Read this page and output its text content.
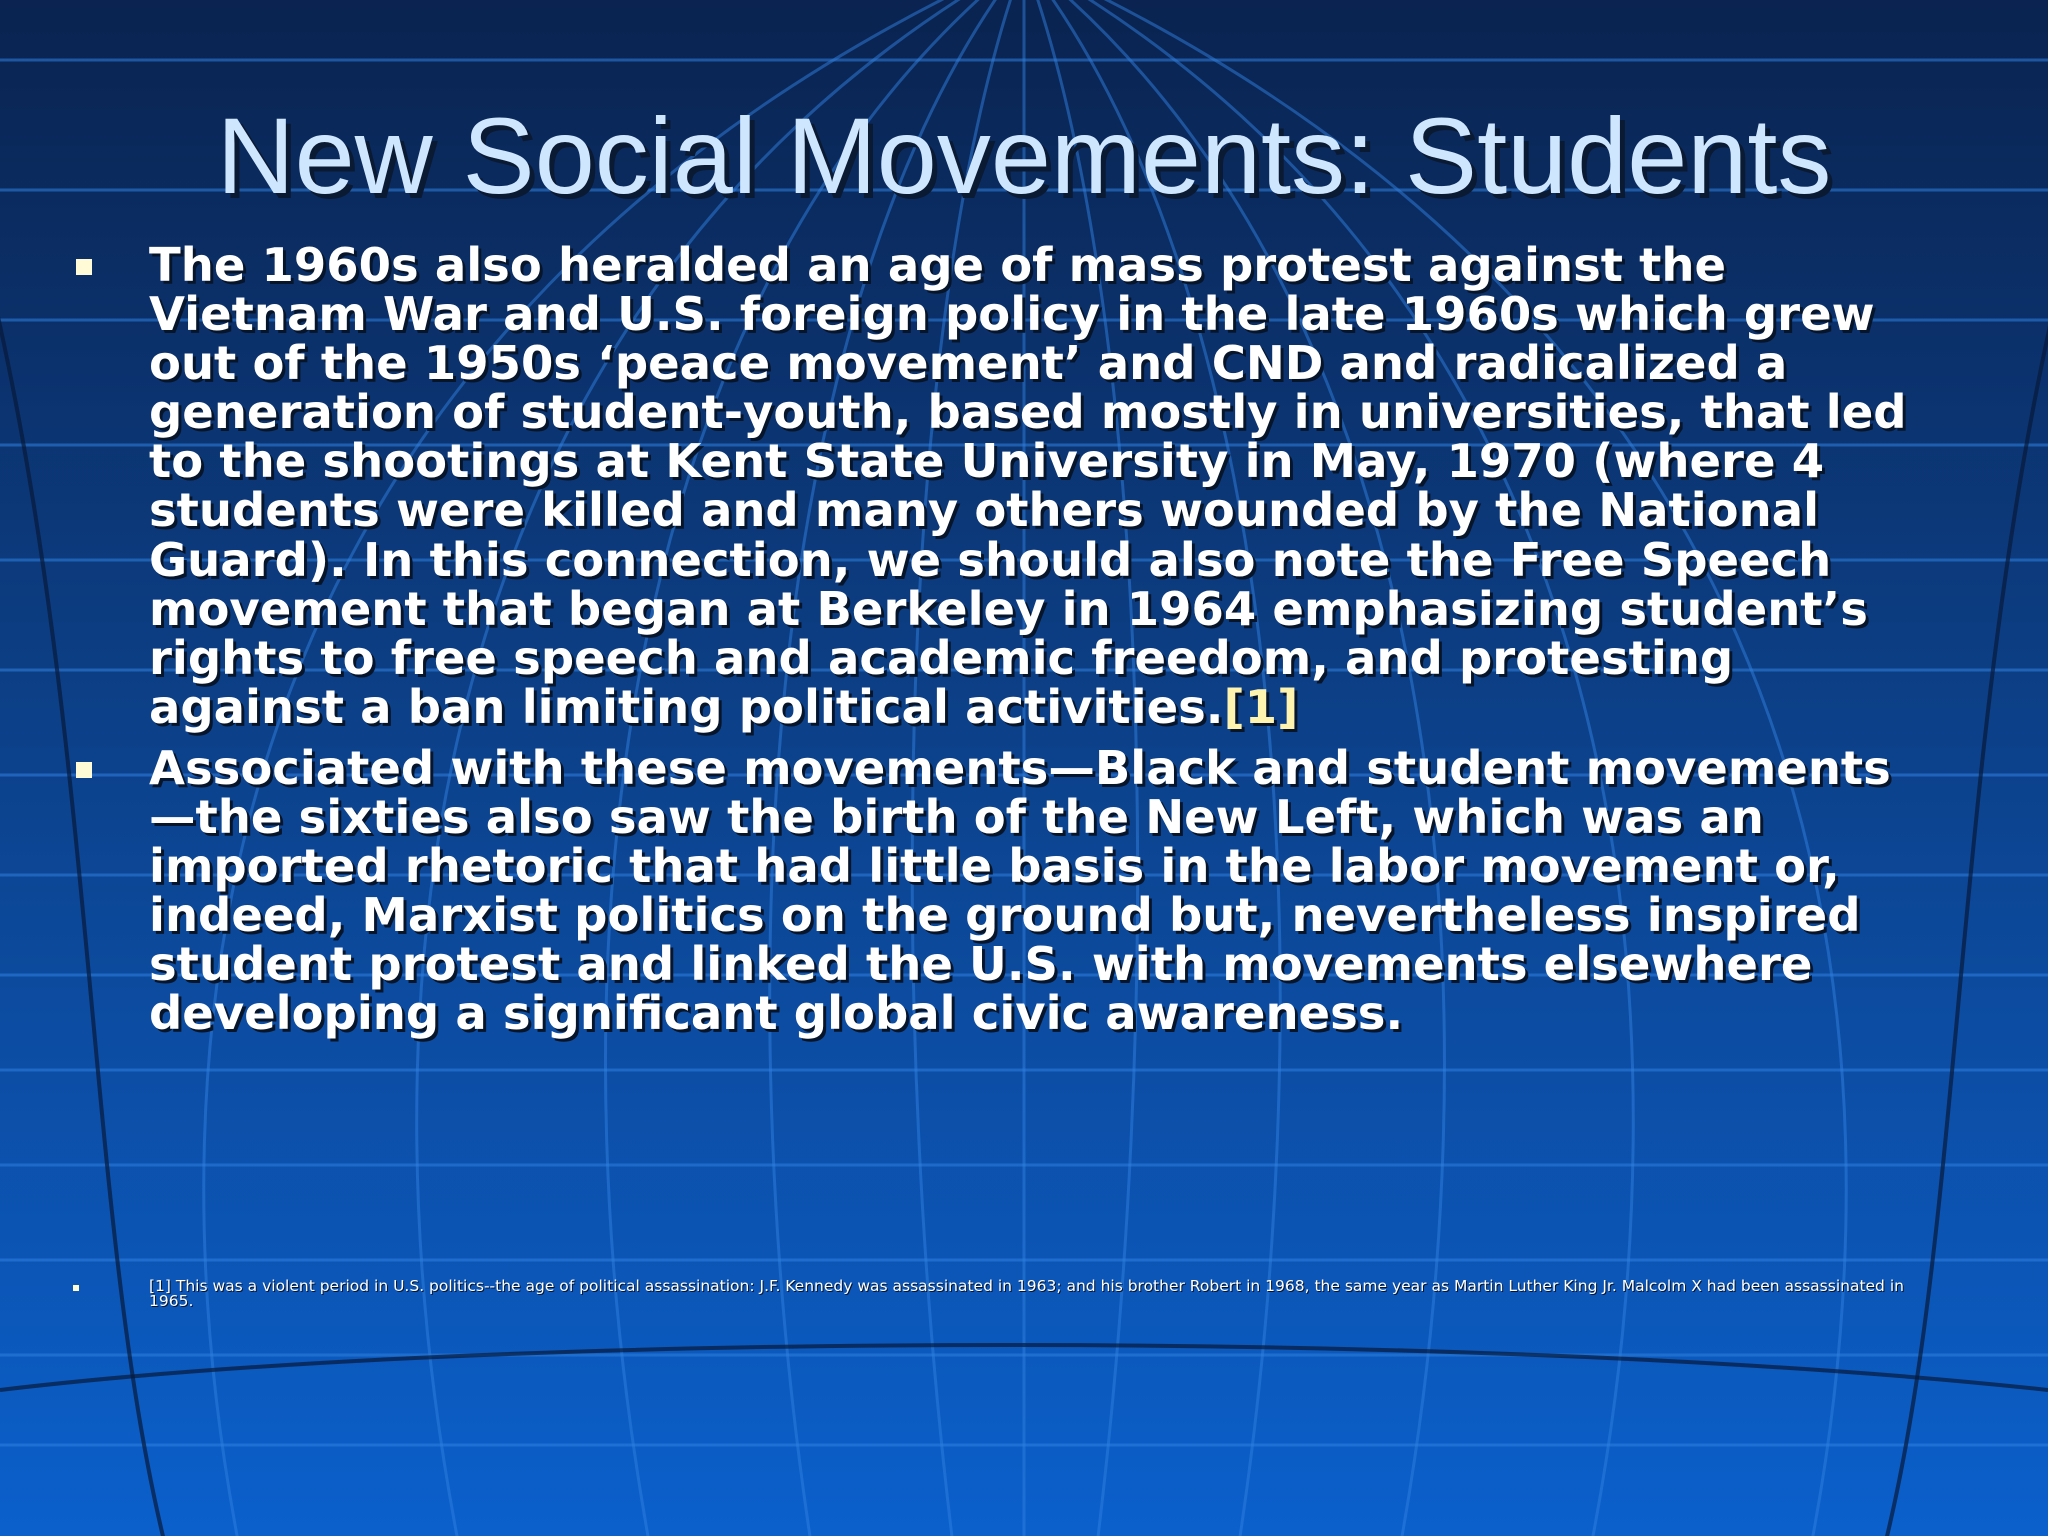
New Social Movements: Students
The 1960s also heralded an age of mass protest against the Vietnam War and U.S. foreign policy in the late 1960s which grew out of the 1950s ‘peace movement’ and CND and radicalized a generation of student-youth, based mostly in universities, that led to the shootings at Kent State University in May, 1970 (where 4 students were killed and many others wounded by the National Guard). In this connection, we should also note the Free Speech movement that began at Berkeley in 1964 emphasizing student’s rights to free speech and academic freedom, and protesting against a ban limiting political activities.[1]
Associated with these movements—Black and student movements—the sixties also saw the birth of the New Left, which was an imported rhetoric that had little basis in the labor movement or, indeed, Marxist politics on the ground but, nevertheless inspired student protest and linked the U.S. with movements elsewhere developing a significant global civic awareness.
[1] This was a violent period in U.S. politics--the age of political assassination: J.F. Kennedy was assassinated in 1963; and his brother Robert in 1968, the same year as Martin Luther King Jr. Malcolm X had been assassinated in 1965.
